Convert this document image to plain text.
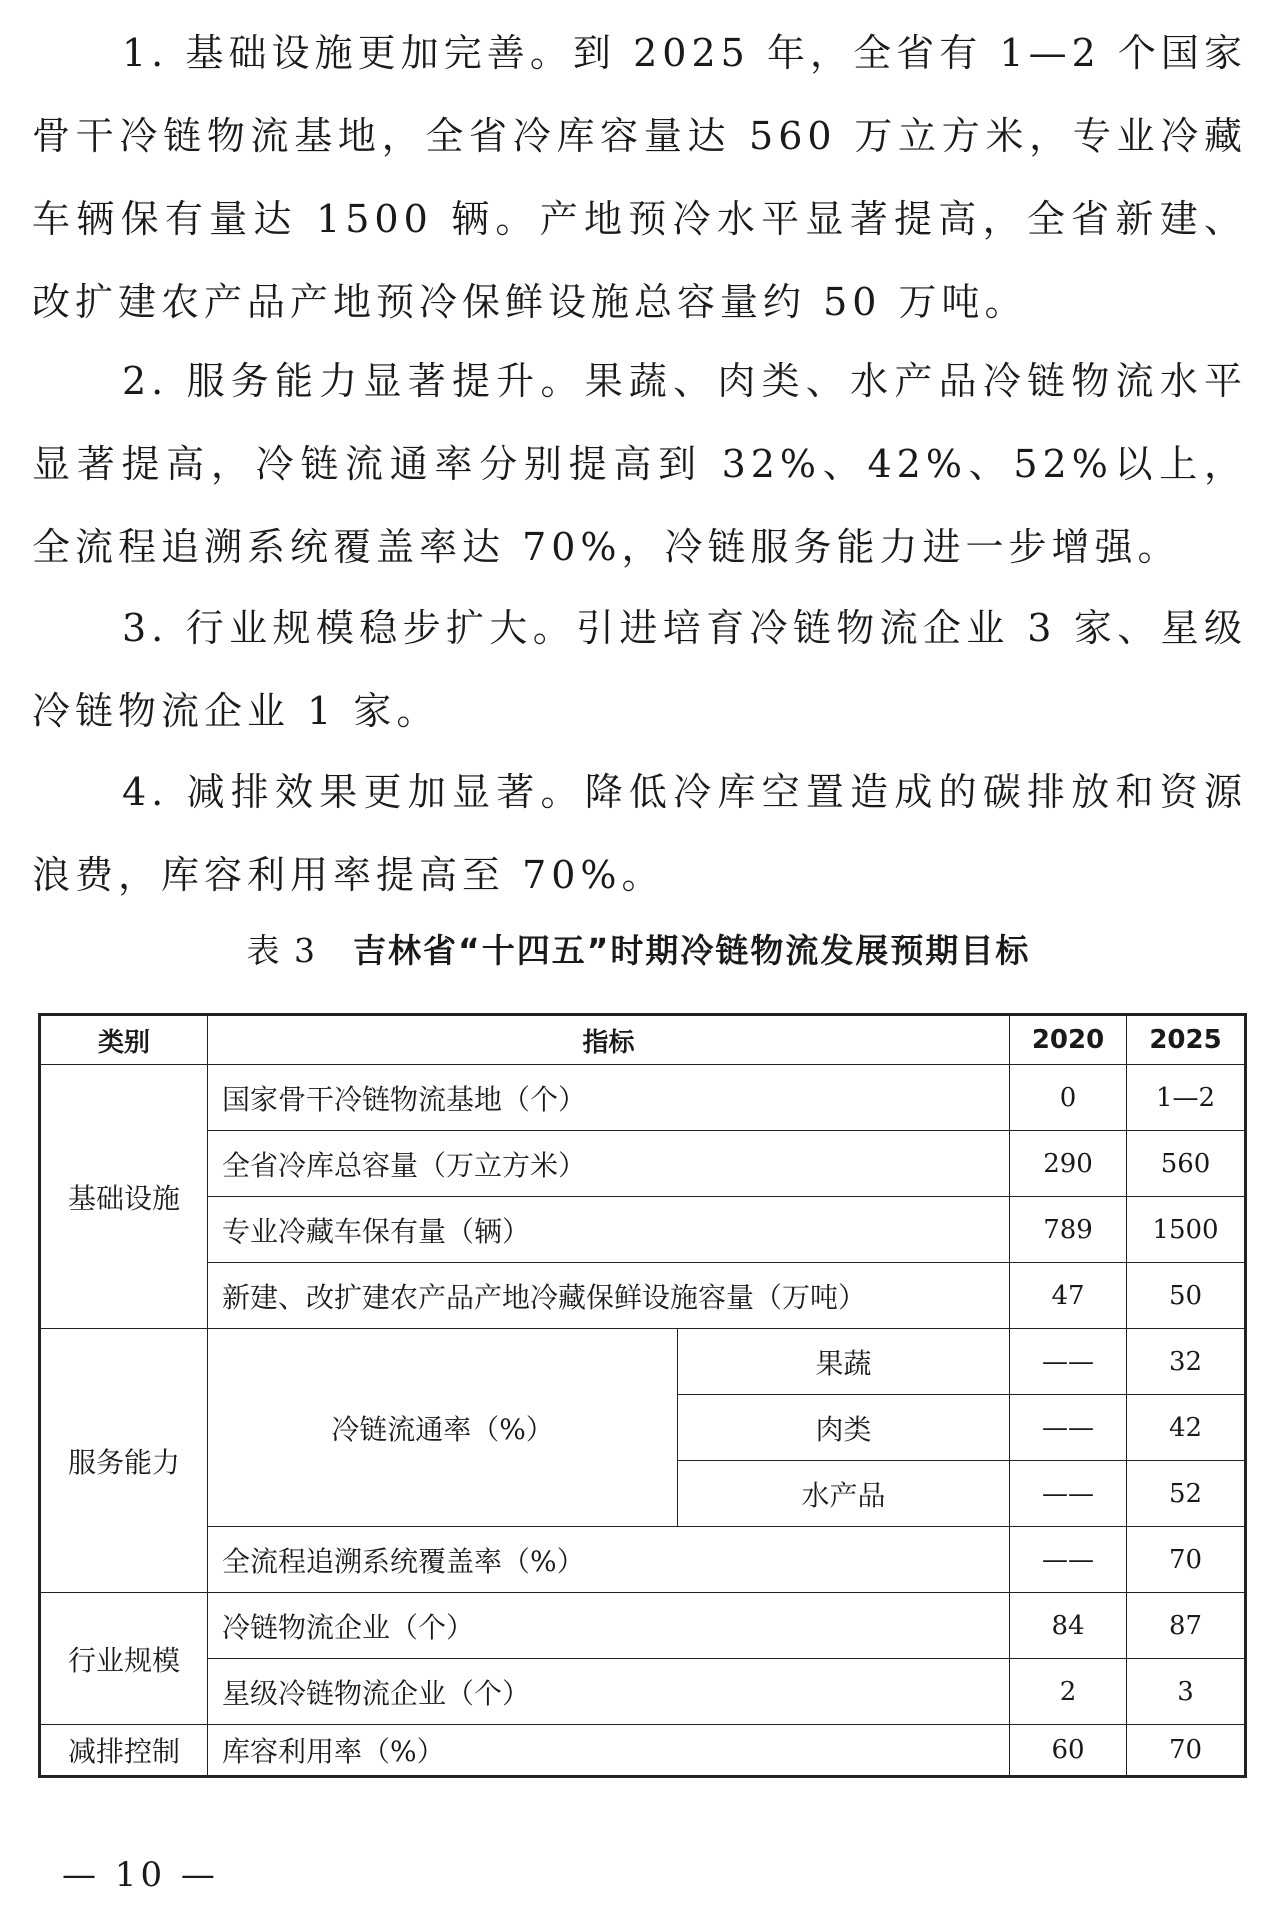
1. 基础设施更加完善。到 2025 年，全省有 1—2 个国家骨干冷链物流基地，全省冷库容量达 560 万立方米，专业冷藏车辆保有量达 1500 辆。产地预冷水平显著提高，全省新建、改扩建农产品产地预冷保鲜设施总容量约 50 万吨。

2. 服务能力显著提升。果蔬、肉类、水产品冷链物流水平显著提高，冷链流通率分别提高到 32%、42%、52%以上，全流程追溯系统覆盖率达 70%，冷链服务能力进一步增强。

3. 行业规模稳步扩大。引进培育冷链物流企业 3 家、星级冷链物流企业 1 家。

4. 减排效果更加显著。降低冷库空置造成的碳排放和资源浪费，库容利用率提高至 70%。

表 3 吉林省“十四五”时期冷链物流发展预期目标
类别	指标		2020	2025
基础设施	国家骨干冷链物流基地（个）		0	1—2
	全省冷库总容量（万立方米）		290	560
	专业冷藏车保有量（辆）		789	1500
	新建、改扩建农产品产地冷藏保鲜设施容量（万吨）		47	50
服务能力	冷链流通率（%）	果蔬	——	32
		肉类	——	42
		水产品	——	52
	全流程追溯系统覆盖率（%）		——	70
行业规模	冷链物流企业（个）		84	87
	星级冷链物流企业（个）		2	3
减排控制	库容利用率（%）		60	70
— 10 —
